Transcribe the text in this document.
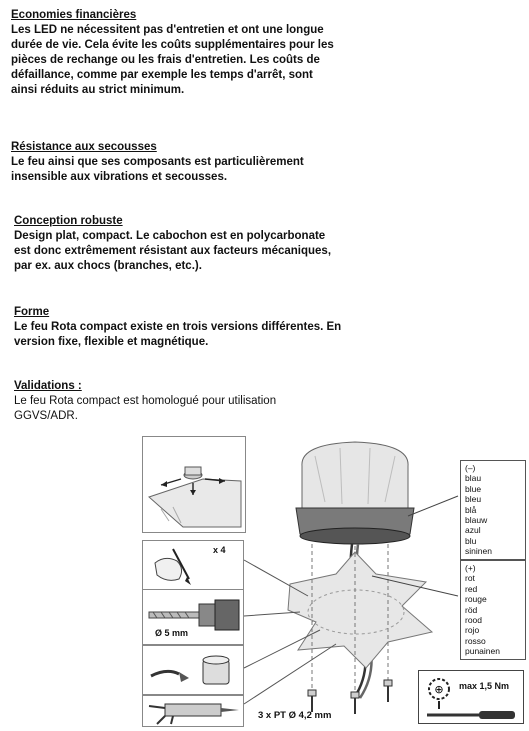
Economies financières
Les LED ne nécessitent pas d'entretien et ont une longue
durée de vie. Cela évite les coûts supplémentaires pour les
pièces de rechange ou les frais d'entretien. Les coûts de
défaillance, comme par exemple les temps d'arrêt, sont
ainsi réduits au strict minimum.
Résistance aux secousses
Le feu ainsi que ses composants est particulièrement
insensible aux vibrations et secousses.
Conception robuste
Design plat, compact. Le cabochon est en polycarbonate
est donc extrêmement résistant aux facteurs mécaniques,
par ex. aux chocs (branches, etc.).
Forme
Le feu Rota compact existe en trois versions différentes. En
version fixe, flexible et magnétique.
Validations :
Le feu Rota compact est homologué pour utilisation
GGVS/ADR.
x 4
Ø 5 mm
(–)
blau
blue
bleu
blå
blauw
azul
blu
sininen
(+)
rot
red
rouge
röd
rood
rojo
rosso
punainen
⊕ max 1,5 Nm
3 x PT Ø 4,2 mm
